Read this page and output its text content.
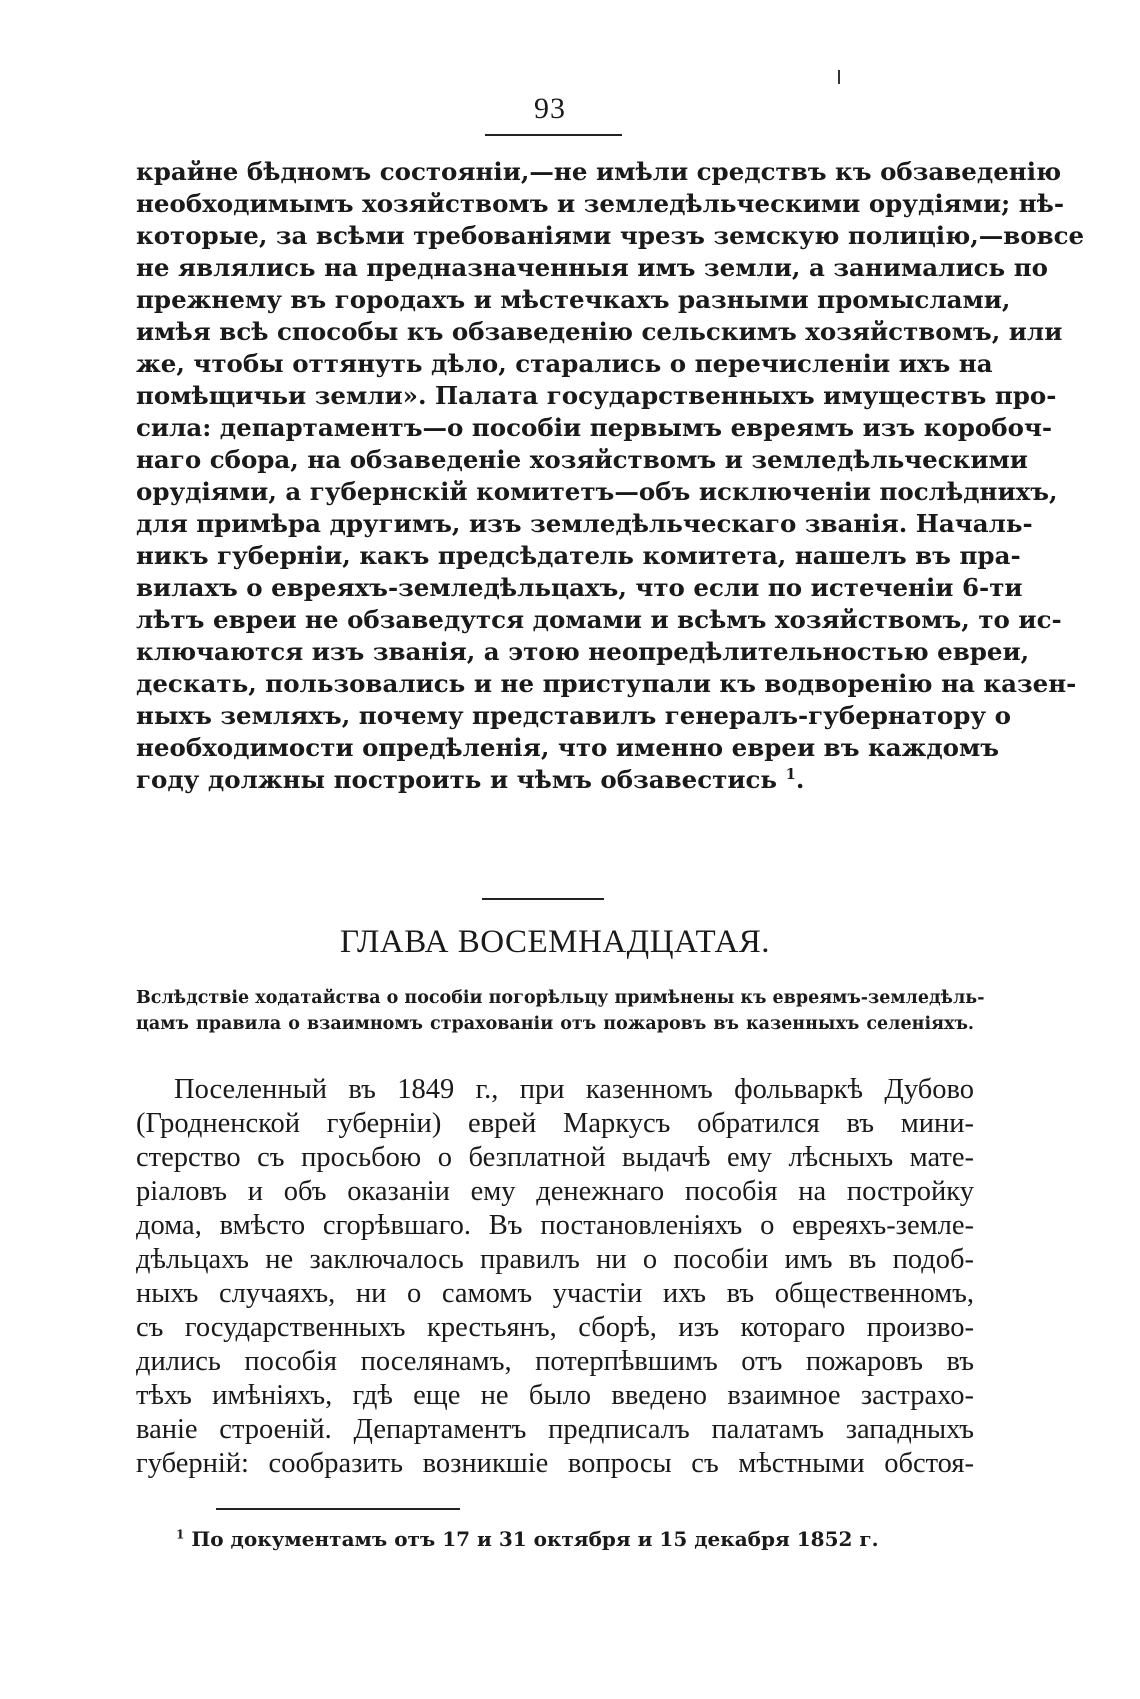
93
крайне бѣдномъ состояніи,—не имѣли средствъ къ обзаведенію
необходимымъ хозяйствомъ и земледѣльческими орудіями; нѣ-
которые, за всѣми требованіями чрезъ земскую полицію,—вовсе
не являлись на предназначенныя имъ земли, а занимались по
прежнему въ городахъ и мѣстечкахъ разными промыслами,
имѣя всѣ способы къ обзаведенію сельскимъ хозяйствомъ, или
же, чтобы оттянуть дѣло, старались о перечисленіи ихъ на
помѣщичьи земли». Палата государственныхъ имуществъ про-
сила: департаментъ—о пособіи первымъ евреямъ изъ коробоч-
наго сбора, на обзаведеніе хозяйствомъ и земледѣльческими
орудіями, а губернскій комитетъ—объ исключеніи послѣднихъ,
для примѣра другимъ, изъ земледѣльческаго званія. Началь-
никъ губерніи, какъ предсѣдатель комитета, нашелъ въ пра-
вилахъ о евреяхъ-земледѣльцахъ, что если по истеченіи 6-ти
лѣтъ евреи не обзаведутся домами и всѣмъ хозяйствомъ, то ис-
ключаются изъ званія, а этою неопредѣлительностью евреи,
дескать, пользовались и не приступали къ водворенію на казен-
ныхъ земляхъ, почему представилъ генералъ-губернатору о
необходимости опредѣленія, что именно евреи въ каждомъ
году должны построить и чѣмъ обзавестись $^1$.
ГЛАВА ВОСЕМНАДЦАТАЯ.
Вслѣдствіе ходатайства о пособіи погорѣльцу примѣнены къ евреямъ-земледѣль-
цамъ правила о взаимномъ страхованіи отъ пожаровъ въ казенныхъ селеніяхъ.
Поселенный въ 1849 г., при казенномъ фольваркѣ Дубово
(Гродненской губерніи) еврей Маркусъ обратился въ мини-
стерство съ просьбою о безплатной выдачѣ ему лѣсныхъ мате-
ріаловъ и объ оказаніи ему денежнаго пособія на постройку
дома, вмѣсто сгорѣвшаго. Въ постановленіяхъ о евреяхъ-земле-
дѣльцахъ не заключалось правилъ ни о пособіи имъ въ подоб-
ныхъ случаяхъ, ни о самомъ участіи ихъ въ общественномъ,
съ государственныхъ крестьянъ, сборѣ, изъ котораго произво-
дились пособія поселянамъ, потерпѣвшимъ отъ пожаровъ въ
тѣхъ имѣніяхъ, гдѣ еще не было введено взаимное застрахо-
ваніе строеній. Департаментъ предписалъ палатамъ западныхъ
губерній: сообразить возникшіе вопросы съ мѣстными обстоя-
$^1$ По документамъ отъ 17 и 31 октября и 15 декабря 1852 г.
